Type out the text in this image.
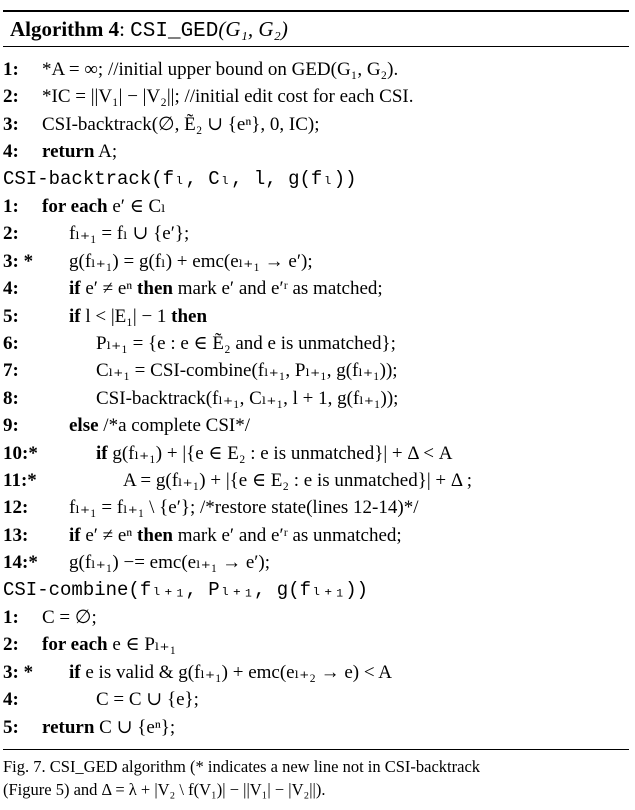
Algorithm 4: CSI_GED(G₁, G₂)
1: *A = ∞; //initial upper bound on GED(G₁, G₂).
2: *IC = ||V₁| − |V₂||; //initial edit cost for each CSI.
3: CSI-backtrack(∅, Ẽ₂ ∪ {eⁿ}, 0, IC);
4: return A;
CSI-backtrack(fₗ, Cₗ, l, g(fₗ))
1: for each e′ ∈ Cₗ
2:	fₗ₊₁ = fₗ ∪ {e′};
3: * g(fₗ₊₁) = g(fₗ) + emc(eₗ₊₁ → e′);
4:	if e′ ≠ eⁿ then mark e′ and e′ʳ as matched;
5:	if l < |E₁| − 1 then
6:	Pₗ₊₁ = {e : e ∈ Ẽ₂ and e is unmatched};
7:	Cₗ₊₁ = CSI-combine(fₗ₊₁, Pₗ₊₁, g(fₗ₊₁));
8:	CSI-backtrack(fₗ₊₁, Cₗ₊₁, l + 1, g(fₗ₊₁));
9:	else /*a complete CSI*/
10:*	if g(fₗ₊₁) + |{e ∈ E₂ : e is unmatched}| + Δ < A
11:*	A = g(fₗ₊₁) + |{e ∈ E₂ : e is unmatched}| + Δ ;
12: fₗ₊₁ = fₗ₊₁ \ {e′}; /*restore state(lines 12-14)*/
13: if e′ ≠ eⁿ then mark e′ and e′ʳ as unmatched;
14:* g(fₗ₊₁) −= emc(eₗ₊₁ → e′);
CSI-combine(fₗ₊₁, Pₗ₊₁, g(fₗ₊₁))
1: C = ∅;
2: for each e ∈ Pₗ₊₁
3: * if e is valid & g(fₗ₊₁) + emc(eₗ₊₂ → e) < A
4:	C = C ∪ {e};
5: return C ∪ {eⁿ};
Fig. 7. CSI_GED algorithm (* indicates a new line not in CSI-backtrack
(Figure 5) and Δ = λ + |V₂ \ f(V₁)| − ||V₁| − |V₂||).
